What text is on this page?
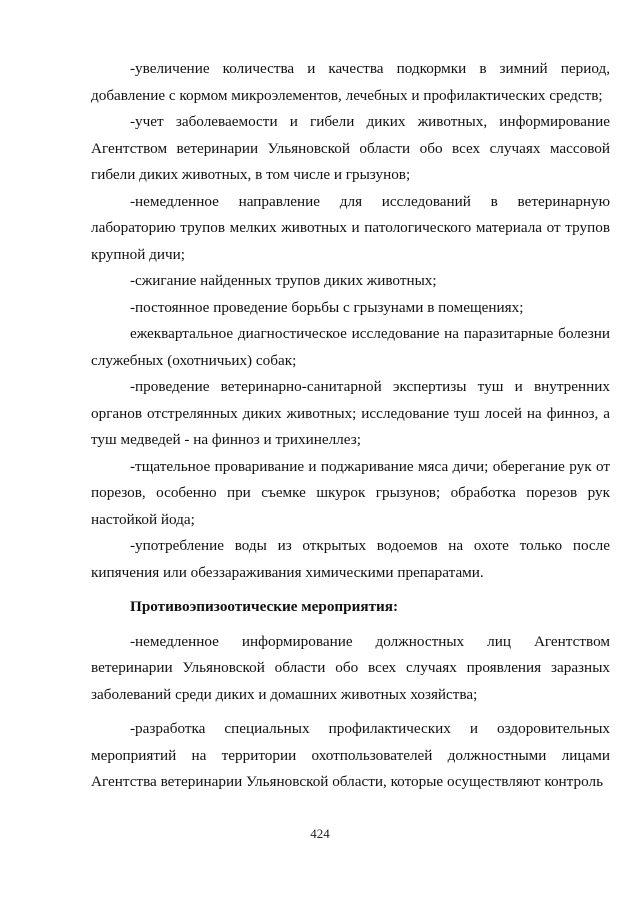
-увеличение количества и качества подкормки в зимний период, добавление с кормом микроэлементов, лечебных и профилактических средств;

-учет заболеваемости и гибели диких животных, информирование Агентством ветеринарии Ульяновской области обо всех случаях массовой гибели диких животных, в том числе и грызунов;

-немедленное направление для исследований в ветеринарную лабораторию трупов мелких животных и патологического материала от трупов крупной дичи;

-сжигание найденных трупов диких животных;

-постоянное проведение борьбы с грызунами в помещениях;

ежеквартальное диагностическое исследование на паразитарные болезни служебных (охотничьих) собак;

-проведение ветеринарно-санитарной экспертизы туш и внутренних органов отстрелянных диких животных; исследование туш лосей на финноз, а туш медведей - на финноз и трихинеллез;

-тщательное проваривание и поджаривание мяса дичи; оберегание рук от порезов, особенно при съемке шкурок грызунов; обработка порезов рук настойкой йода;

-употребление воды из открытых водоемов на охоте только после кипячения или обеззараживания химическими препаратами.

Противоэпизоотические мероприятия:

-немедленное информирование должностных лиц Агентством ветеринарии Ульяновской области обо всех случаях проявления заразных заболеваний среди диких и домашних животных хозяйства;

-разработка специальных профилактических и оздоровительных мероприятий на территории охотпользователей должностными лицами Агентства ветеринарии Ульяновской области, которые осуществляют контроль

424
